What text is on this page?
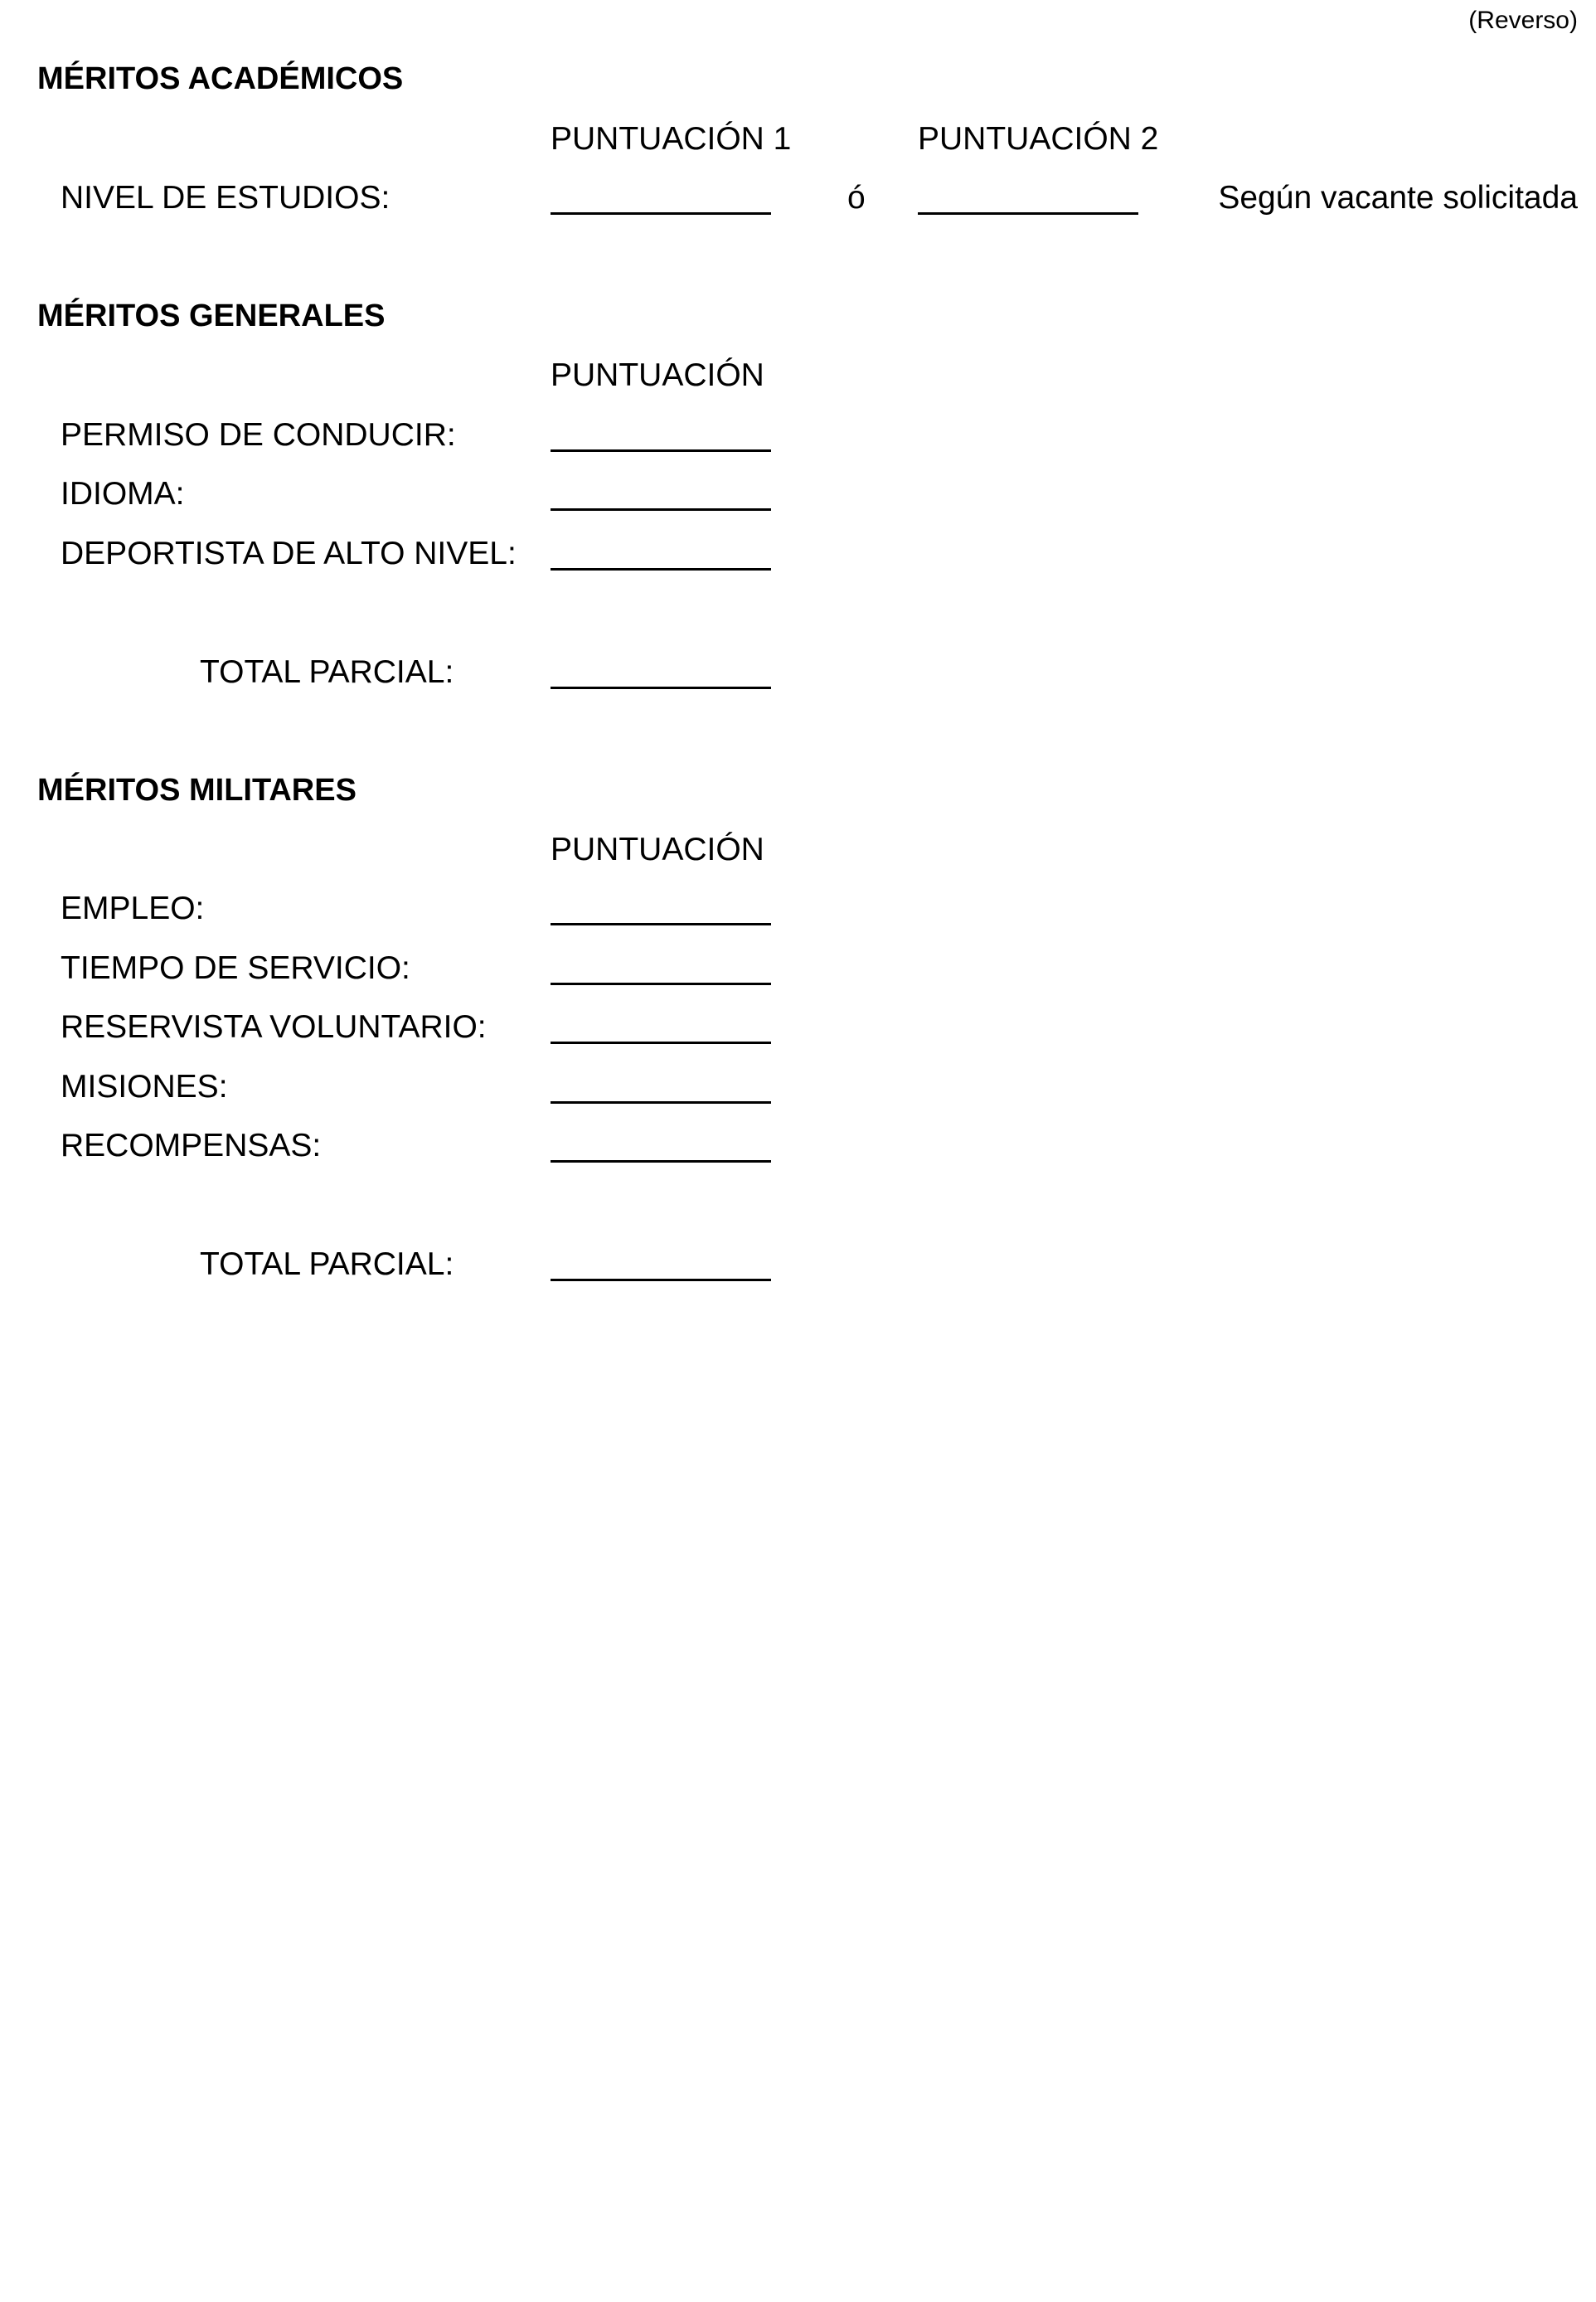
(Reverso)
MÉRITOS ACADÉMICOS
PUNTUACIÓN 1	PUNTUACIÓN 2
NIVEL DE ESTUDIOS:	ó	Según vacante solicitada
MÉRITOS GENERALES
PUNTUACIÓN
PERMISO DE CONDUCIR:
IDIOMA:
DEPORTISTA DE ALTO NIVEL:
TOTAL PARCIAL:
MÉRITOS MILITARES
PUNTUACIÓN
EMPLEO:
TIEMPO DE SERVICIO:
RESERVISTA VOLUNTARIO:
MISIONES:
RECOMPENSAS:
TOTAL PARCIAL:
